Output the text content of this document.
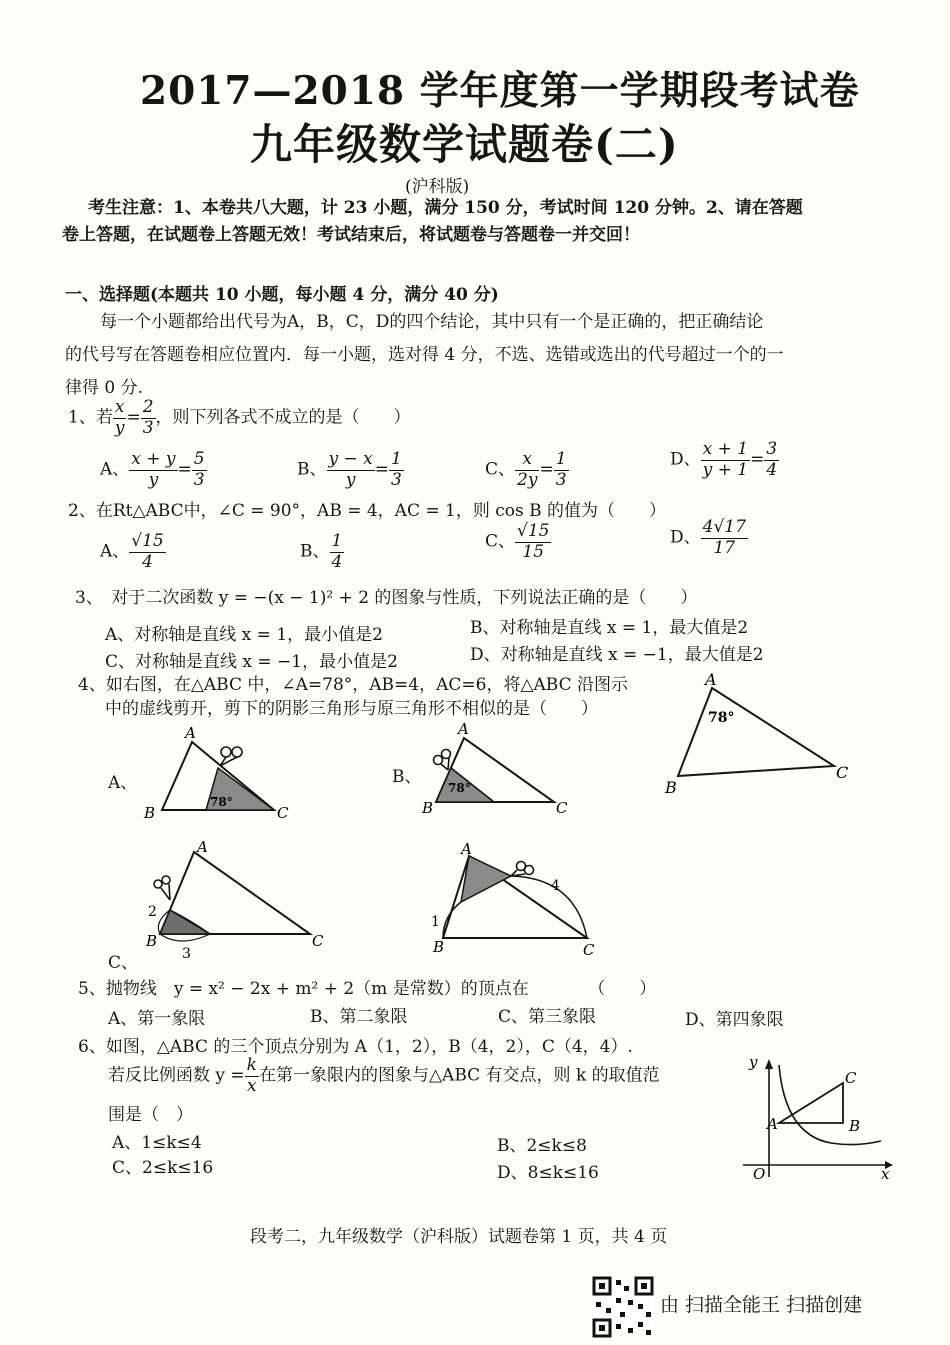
2017—2018 学年度第一学期段考试卷
九年级数学试题卷(二)
(沪科版)
考生注意：1、本卷共八大题，计 23 小题，满分 150 分，考试时间 120 分钟。2、请在答题
卷上答题，在试题卷上答题无效！考试结束后，将试题卷与答题卷一并交回！
一、选择题(本题共 10 小题，每小题 4 分，满分 40 分)
每一个小题都给出代号为A，B，C，D的四个结论，其中只有一个是正确的，把正确结论
的代号写在答题卷相应位置内．每一小题，选对得 4 分，不选、选错或选出的代号超过一个的一
律得 0 分.
1、若 $\frac{x}{y} = \frac{2}{3}$ ，则下列各式不成立的是（　　）
A、 $\frac{x + y}{y} = \frac{5}{3}$	B、 $\frac{y - x}{y} = \frac{1}{3}$	C、 $\frac{x}{2y} = \frac{1}{3}$	D、 $\frac{x + 1}{y + 1} = \frac{3}{4}$
2、在Rt△ABC中，∠C = 90°，AB = 4，AC = 1，则 cos B 的值为（　　）
A、 $\frac{√15}{4}$	B、 $\frac{1}{4}$	C、 $\frac{√15}{15}$	D、 $\frac{4√17}{17}$
3、　对于二次函数 y = −(x − 1)² + 2 的图象与性质，下列说法正确的是（　　）
A、对称轴是直线 x = 1，最小值是2	B、对称轴是直线 x = 1，最大值是2
C、对称轴是直线 x = −1，最小值是2	D、对称轴是直线 x = −1，最大值是2
4、如右图，在△ABC 中，∠A=78°，AB=4，AC=6，将△ABC 沿图示
中的虚线剪开，剪下的阴影三角形与原三角形不相似的是（　　）
A
B
C
78°
A、
A
B	C
78°
B、
A
B	C
78°
C、
A
B	C
2
3
A
B	C
1
4
5、抛物线　y = x² − 2x + m² + 2（m 是常数）的顶点在　　　　（　　）
A、第一象限	B、第二象限	C、第三象限	D、第四象限
6、如图，△ABC 的三个顶点分别为 A（1，2），B（4，2），C（4，4）.
若反比例函数 $y = \frac{k}{x}$ 在第一象限内的图象与△ABC 有交点，则 k 的取值范
围是（　）
A、1≤k≤4	B、2≤k≤8
C、2≤k≤16	D、8≤k≤16
y
x
O
A	B
C
段考二，九年级数学（沪科版）试题卷第 1 页，共 4 页
由 扫描全能王 扫描创建
